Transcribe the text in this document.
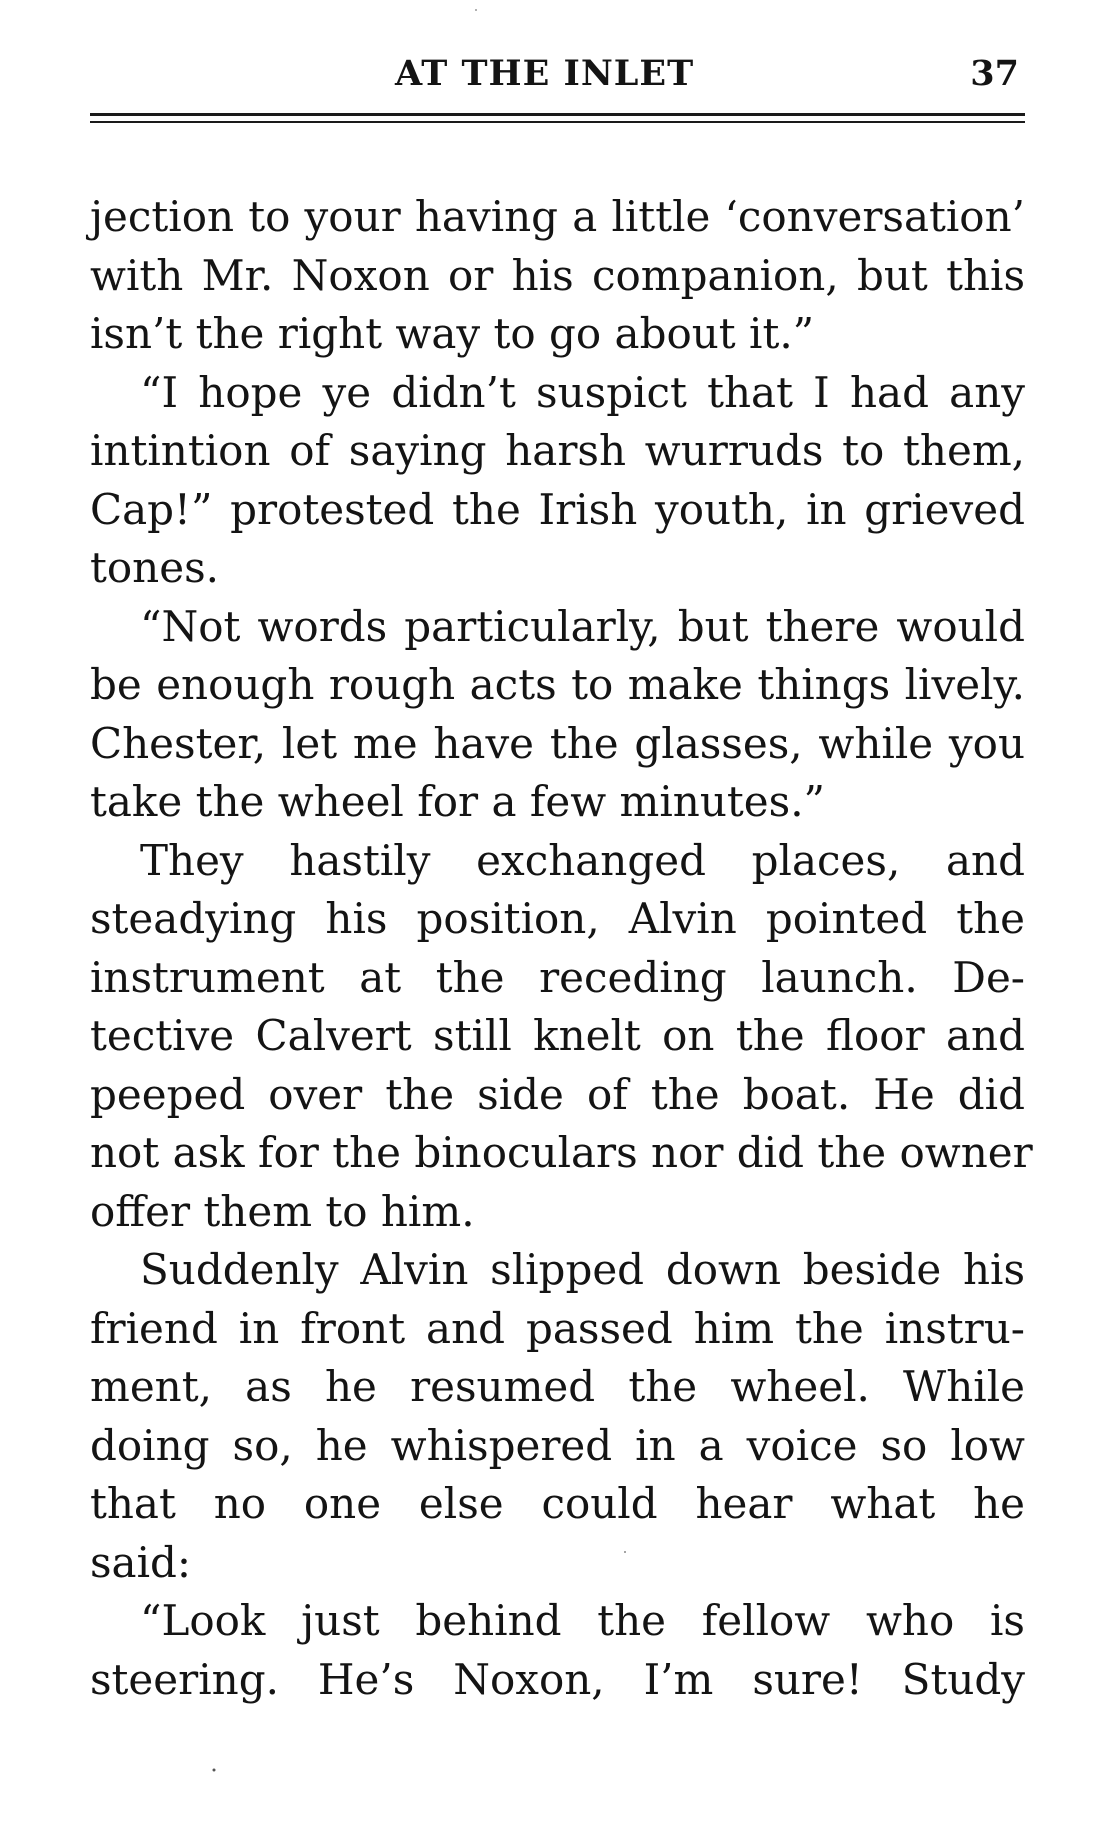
AT THE INLET	37
jection to your having a little ‘conversation’
with Mr. Noxon or his companion, but this
isn’t the right way to go about it.”
“I hope ye didn’t suspict that I had any
intintion of saying harsh wurruds to them,
Cap!” protested the Irish youth, in grieved
tones.
“Not words particularly, but there would
be enough rough acts to make things lively.
Chester, let me have the glasses, while you
take the wheel for a few minutes.”
They hastily exchanged places, and
steadying his position, Alvin pointed the
instrument at the receding launch. De-
tective Calvert still knelt on the floor and
peeped over the side of the boat. He did
not ask for the binoculars nor did the owner
offer them to him.
Suddenly Alvin slipped down beside his
friend in front and passed him the instru-
ment, as he resumed the wheel. While
doing so, he whispered in a voice so low
that no one else could hear what he
said:
“Look just behind the fellow who is
steering. He’s Noxon, I’m sure! Study
